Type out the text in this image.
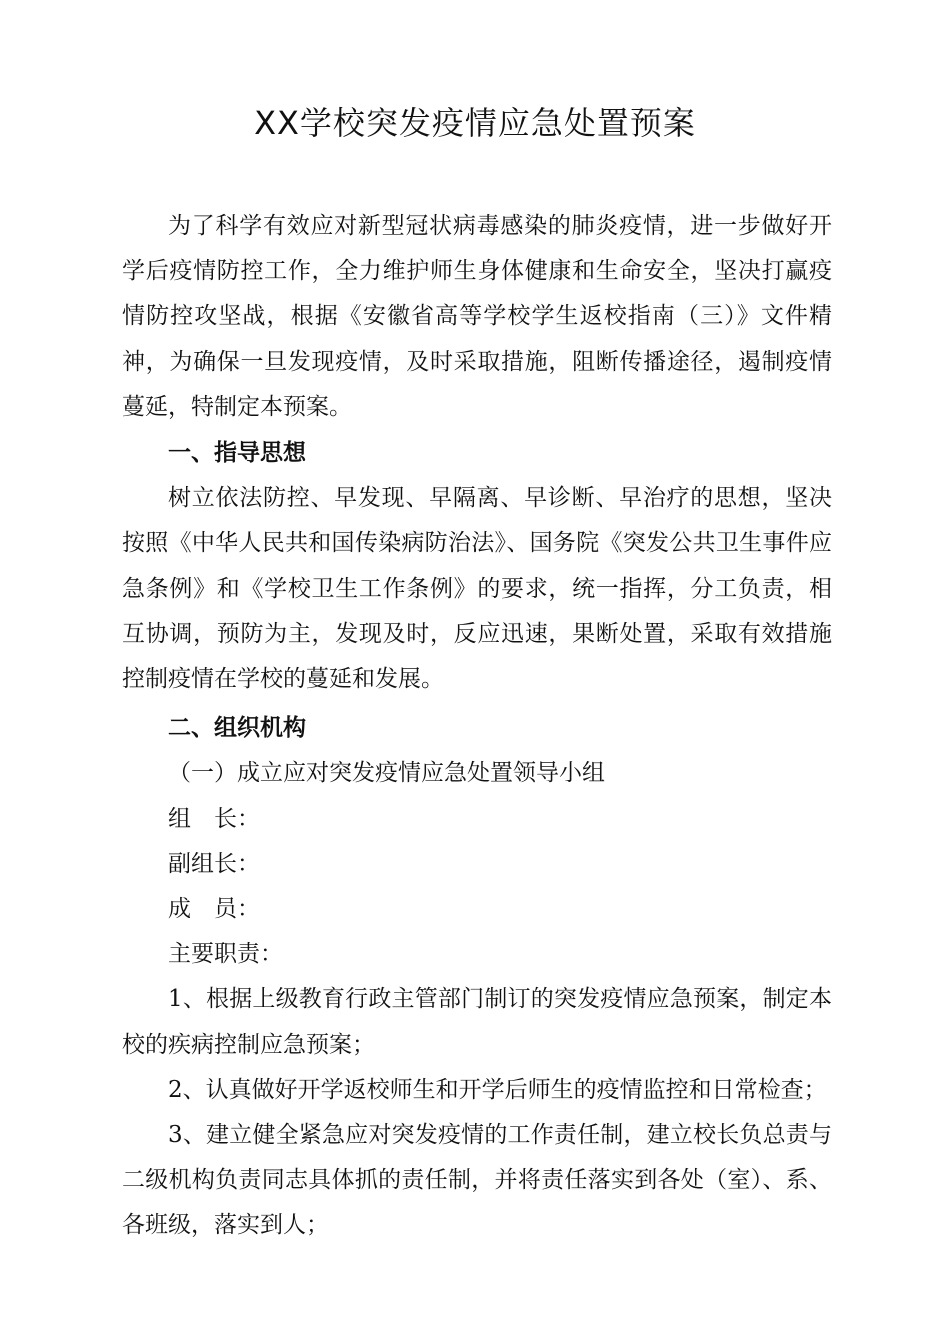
XX学校突发疫情应急处置预案

为了科学有效应对新型冠状病毒感染的肺炎疫情，进一步做好开学后疫情防控工作，全力维护师生身体健康和生命安全，坚决打赢疫情防控攻坚战，根据《安徽省高等学校学生返校指南（三）》文件精神，为确保一旦发现疫情，及时采取措施，阻断传播途径，遏制疫情蔓延，特制定本预案。

一、指导思想

树立依法防控、早发现、早隔离、早诊断、早治疗的思想，坚决按照《中华人民共和国传染病防治法》、国务院《突发公共卫生事件应急条例》和《学校卫生工作条例》的要求，统一指挥，分工负责，相互协调，预防为主，发现及时，反应迅速，果断处置，采取有效措施控制疫情在学校的蔓延和发展。

二、组织机构

（一）成立应对突发疫情应急处置领导小组

组　长：

副组长：

成　员：

主要职责：

1、根据上级教育行政主管部门制订的突发疫情应急预案，制定本校的疾病控制应急预案；

2、认真做好开学返校师生和开学后师生的疫情监控和日常检查；

3、建立健全紧急应对突发疫情的工作责任制，建立校长负总责与二级机构负责同志具体抓的责任制，并将责任落实到各处（室）、系、各班级，落实到人；
